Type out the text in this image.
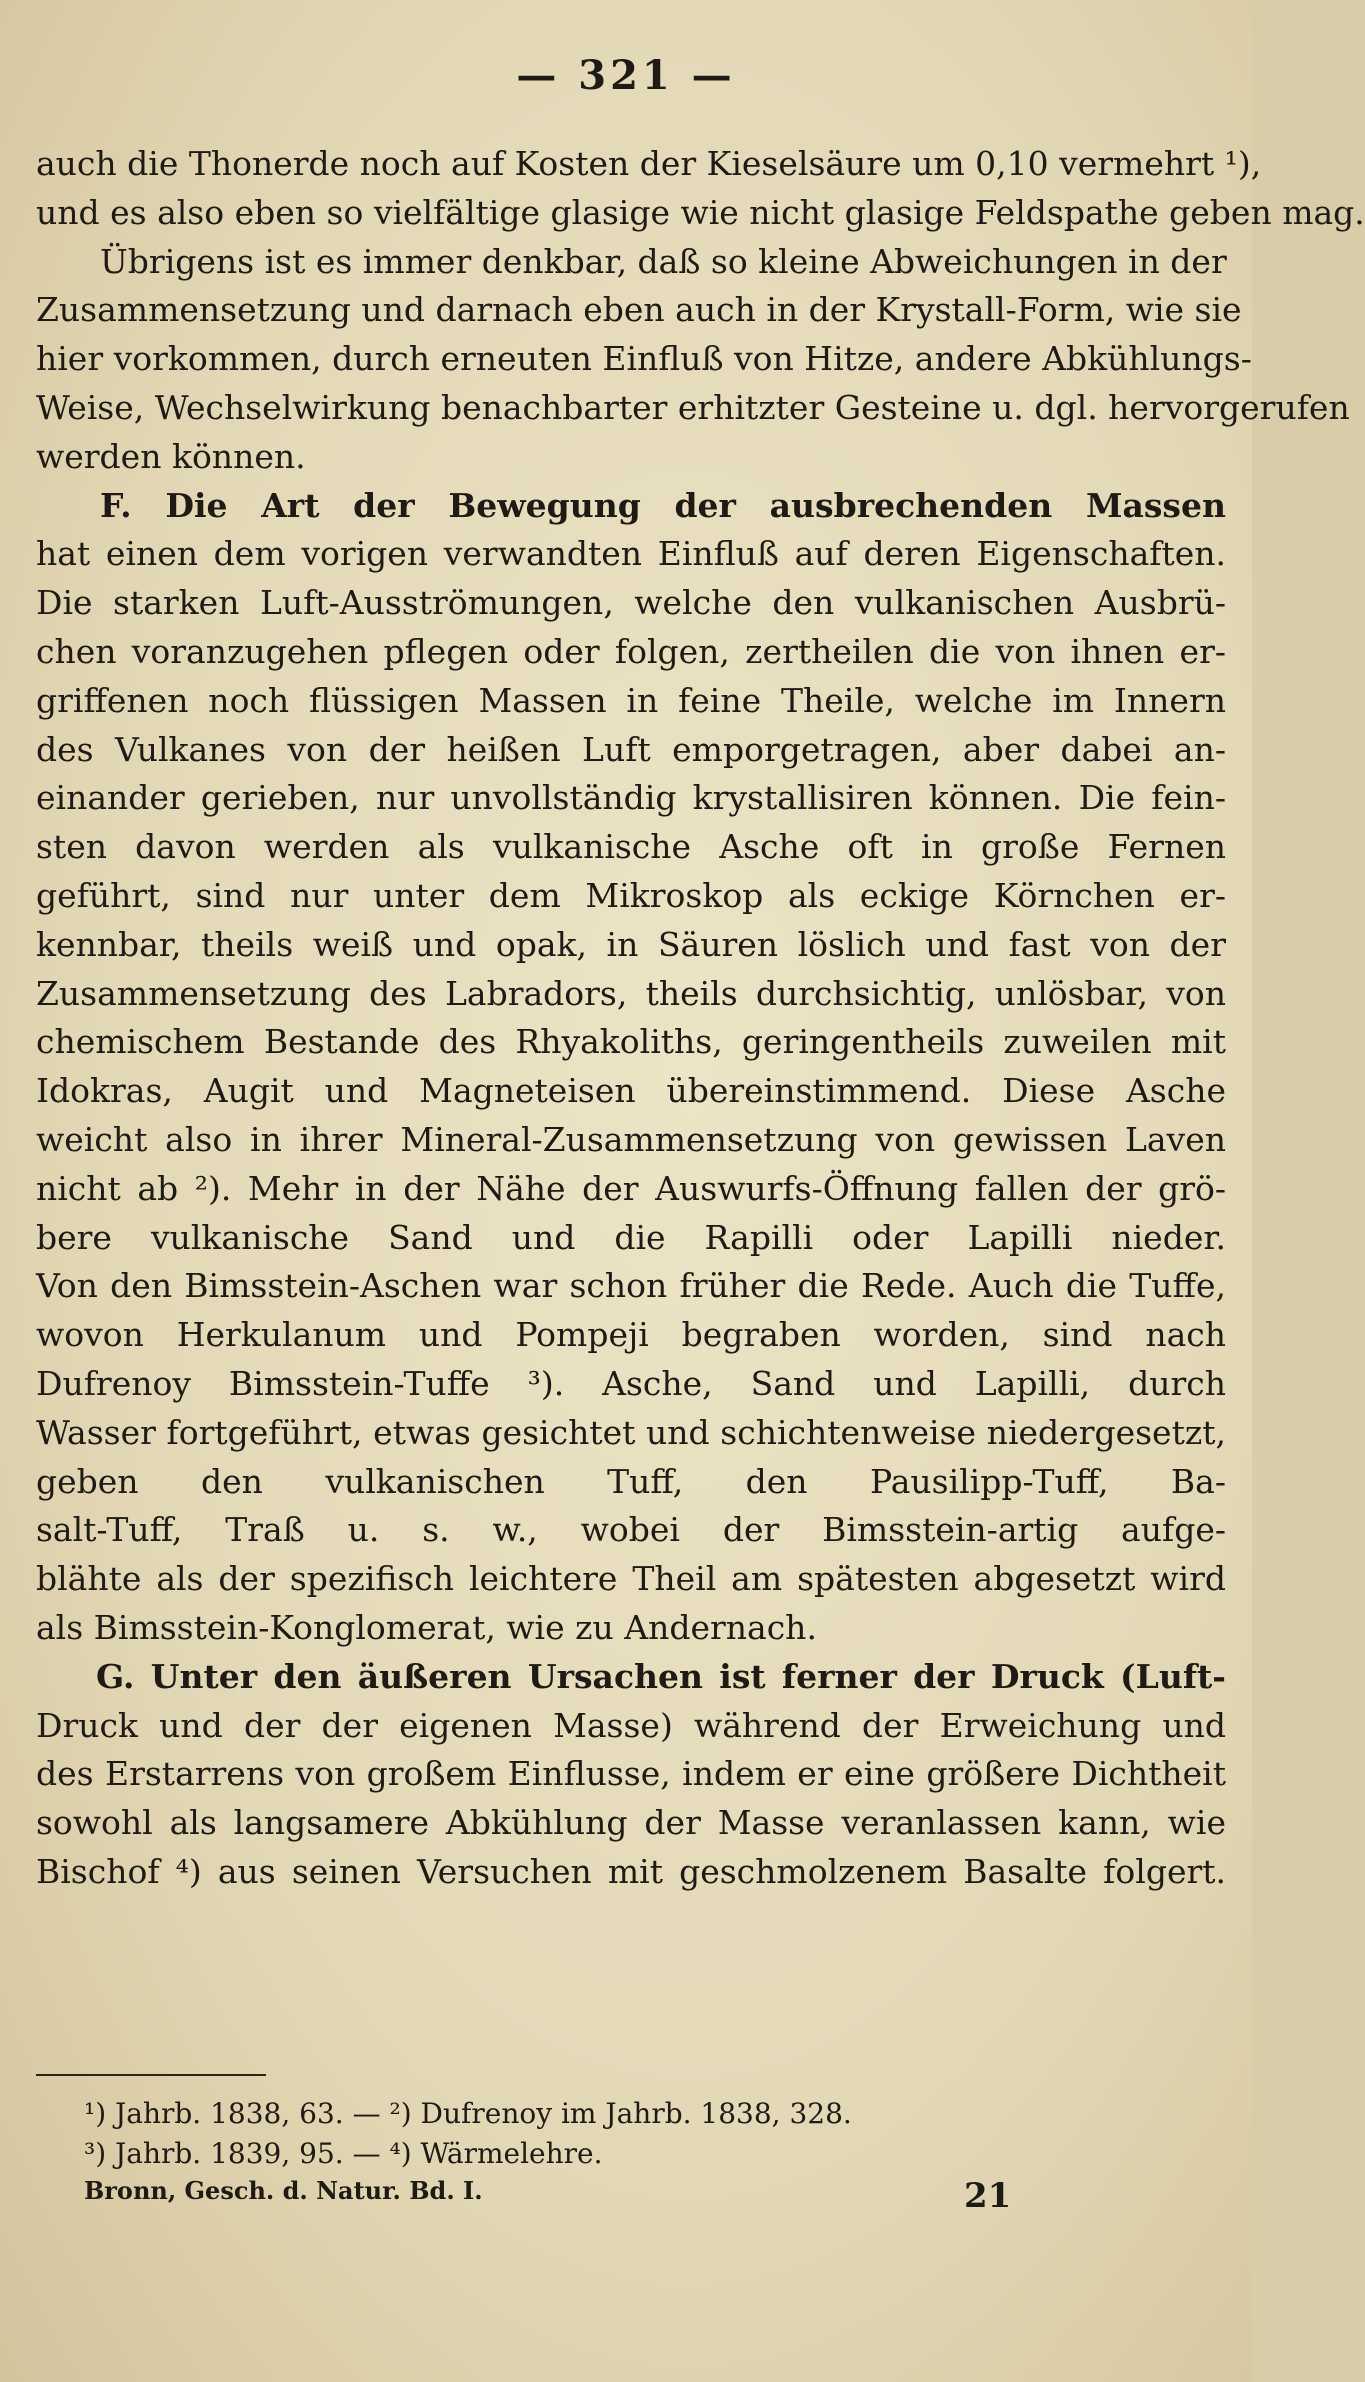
— 321 —
auch die Thonerde noch auf Kosten der Kieselsäure um 0,10 vermehrt ¹),
und es also eben so vielfältige glasige wie nicht glasige Feldspathe geben mag.
Übrigens ist es immer denkbar, daß so kleine Abweichungen in der
Zusammensetzung und darnach eben auch in der Krystall-Form, wie sie
hier vorkommen, durch erneuten Einfluß von Hitze, andere Abkühlungs-
Weise, Wechselwirkung benachbarter erhitzter Gesteine u. dgl. hervorgerufen
werden können.
F. Die Art der Bewegung der ausbrechenden Massen
hat einen dem vorigen verwandten Einfluß auf deren Eigenschaften.
Die starken Luft-Ausströmungen, welche den vulkanischen Ausbrü-
chen voranzugehen pflegen oder folgen, zertheilen die von ihnen er-
griffenen noch flüssigen Massen in feine Theile, welche im Innern
des Vulkanes von der heißen Luft emporgetragen, aber dabei an-
einander gerieben, nur unvollständig krystallisiren können. Die fein-
sten davon werden als vulkanische Asche oft in große Fernen
geführt, sind nur unter dem Mikroskop als eckige Körnchen er-
kennbar, theils weiß und opak, in Säuren löslich und fast von der
Zusammensetzung des Labradors, theils durchsichtig, unlösbar, von
chemischem Bestande des Rhyakoliths, geringentheils zuweilen mit
Idokras, Augit und Magneteisen übereinstimmend. Diese Asche
weicht also in ihrer Mineral-Zusammensetzung von gewissen Laven
nicht ab ²). Mehr in der Nähe der Auswurfs-Öffnung fallen der grö-
bere vulkanische Sand und die Rapilli oder Lapilli nieder.
Von den Bimsstein-Aschen war schon früher die Rede. Auch die Tuffe,
wovon Herkulanum und Pompeji begraben worden, sind nach
Dufrenoy Bimsstein-Tuffe ³). Asche, Sand und Lapilli, durch
Wasser fortgeführt, etwas gesichtet und schichtenweise niedergesetzt,
geben den vulkanischen Tuff, den Pausilipp-Tuff, Ba-
salt-Tuff, Traß u. s. w., wobei der Bimsstein-artig aufge-
blähte als der spezifisch leichtere Theil am spätesten abgesetzt wird
als Bimsstein-Konglomerat, wie zu Andernach.
G. Unter den äußeren Ursachen ist ferner der Druck (Luft-
Druck und der der eigenen Masse) während der Erweichung und
des Erstarrens von großem Einflusse, indem er eine größere Dichtheit
sowohl als langsamere Abkühlung der Masse veranlassen kann, wie
Bischof ⁴) aus seinen Versuchen mit geschmolzenem Basalte folgert.
¹) Jahrb. 1838, 63. — ²) Dufrenoy im Jahrb. 1838, 328.
³) Jahrb. 1839, 95. — ⁴) Wärmelehre.
Bronn, Gesch. d. Natur. Bd. I.	21
